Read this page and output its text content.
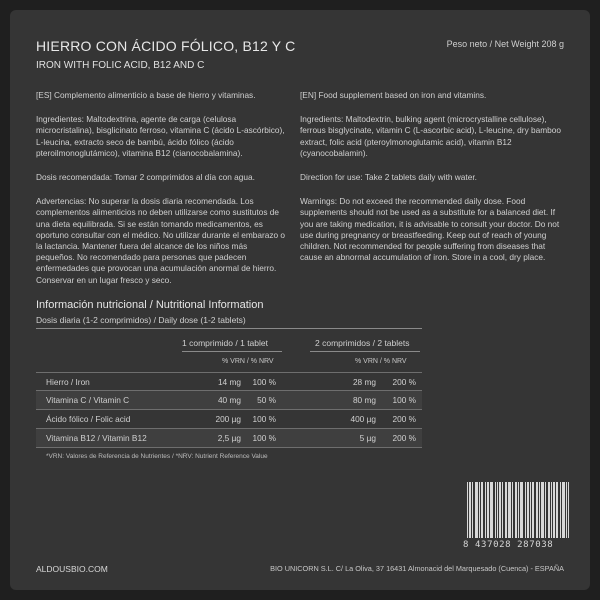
HIERRO CON ÁCIDO FÓLICO, B12 Y C	Peso neto / Net Weight 208 g
IRON WITH FOLIC ACID, B12 AND C

[ES] Complemento alimenticio a base de hierro y vitaminas.

Ingredientes: Maltodextrina, agente de carga (celulosa microcristalina), bisglicinato ferroso, vitamina C (ácido L-ascórbico), L-leucina, extracto seco de bambú, ácido fólico (ácido pteroilmonoglutámico), vitamina B12 (cianocobalamina).

Dosis recomendada: Tomar 2 comprimidos al día con agua.

Advertencias: No superar la dosis diaria recomendada. Los complementos alimenticios no deben utilizarse como sustitutos de una dieta equilibrada. Si se están tomando medicamentos, es oportuno consultar con el médico. No utilizar durante el embarazo o la lactancia. Mantener fuera del alcance de los niños más pequeños. No recomendado para personas que padecen enfermedades que provocan una acumulación anormal de hierro. Conservar en un lugar fresco y seco.

[EN] Food supplement based on iron and vitamins.

Ingredients: Maltodextrin, bulking agent (microcrystalline cellulose), ferrous bisglycinate, vitamin C (L-ascorbic acid), L-leucine, dry bamboo extract, folic acid (pteroylmonoglutamic acid), vitamin B12 (cyanocobalamin).

Direction for use: Take 2 tablets daily with water.

Warnings: Do not exceed the recommended daily dose. Food supplements should not be used as a substitute for a balanced diet. If you are taking medication, it is advisable to consult your doctor. Do not use during pregnancy or breastfeeding. Keep out of reach of young children. Not recommended for people suffering from diseases that cause an abnormal accumulation of iron. Store in a cool, dry place.

Información nutricional / Nutritional Information
Dosis diaria (1-2 comprimidos) / Daily dose (1-2 tablets)
1 comprimido / 1 tablet	2 comprimidos / 2 tablets
% VRN / % NRV	% VRN / % NRV
Hierro / Iron	14 mg	100 %	28 mg	200 %
Vitamina C / Vitamin C	40 mg	50 %	80 mg	100 %
Ácido fólico / Folic acid	200 µg	100 %	400 µg	200 %
Vitamina B12 / Vitamin B12	2,5 µg	100 %	5 µg	200 %
*VRN: Valores de Referencia de Nutrientes / *NRV: Nutrient Reference Value
8 437028 287038
ALDOUSBIO.COM	BIO UNICORN S.L. C/ La Oliva, 37 16431 Almonacid del Marquesado (Cuenca) - ESPAÑA
